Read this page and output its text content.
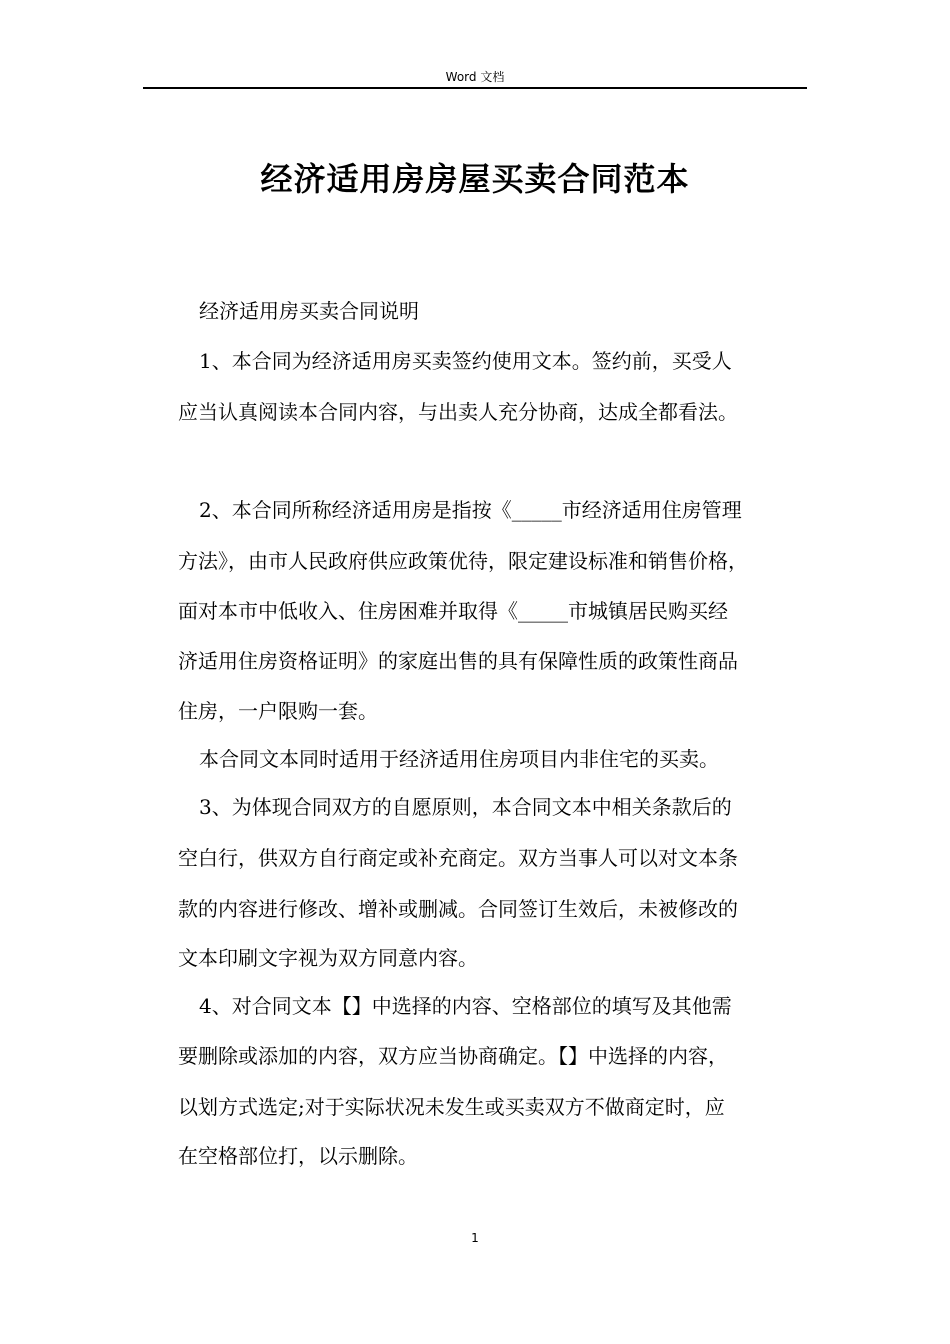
Word 文档
经济适用房房屋买卖合同范本
经济适用房买卖合同说明
1、本合同为经济适用房买卖签约使用文本。签约前，买受人
应当认真阅读本合同内容，与出卖人充分协商，达成全都看法。
2、本合同所称经济适用房是指按《_____市经济适用住房管理
方法》，由市人民政府供应政策优待，限定建设标准和销售价格，
面对本市中低收入、住房困难并取得《_____市城镇居民购买经
济适用住房资格证明》的家庭出售的具有保障性质的政策性商品
住房，一户限购一套。
本合同文本同时适用于经济适用住房项目内非住宅的买卖。
3、为体现合同双方的自愿原则，本合同文本中相关条款后的
空白行，供双方自行商定或补充商定。双方当事人可以对文本条
款的内容进行修改、增补或删减。合同签订生效后，未被修改的
文本印刷文字视为双方同意内容。
4、对合同文本【】中选择的内容、空格部位的填写及其他需
要删除或添加的内容，双方应当协商确定。【】中选择的内容，
以划方式选定;对于实际状况未发生或买卖双方不做商定时，应
在空格部位打，以示删除。
1
